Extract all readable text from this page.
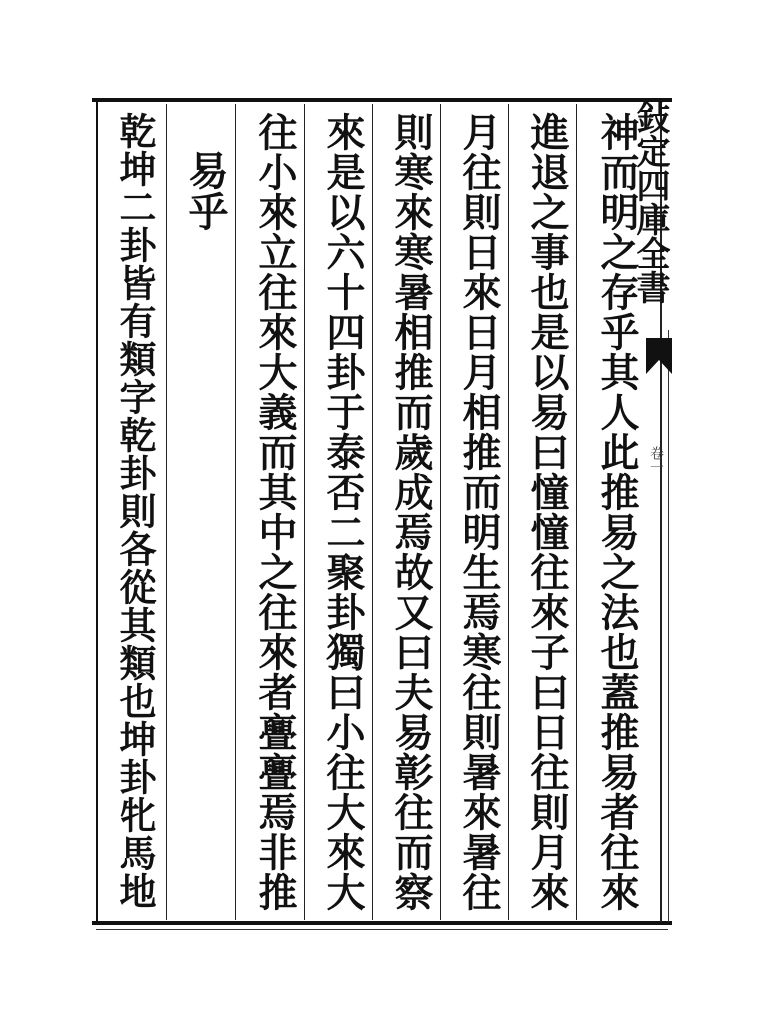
鈙定四庫全書
卷一
神而明之存乎其人此推易之法也蓋推易者往來
進退之事也是以易曰憧憧往來子曰日往則月來
月往則日來日月相推而明生焉寒往則暑來暑往
則寒來寒暑相推而歲成焉故又曰夫易彰往而察
來是以六十四卦于泰否二聚卦獨曰小往大來大
往小來立往來大義而其中之往來者亹亹焉非推
易乎
乾坤二卦皆有類字乾卦則各從其類也坤卦牝馬地
